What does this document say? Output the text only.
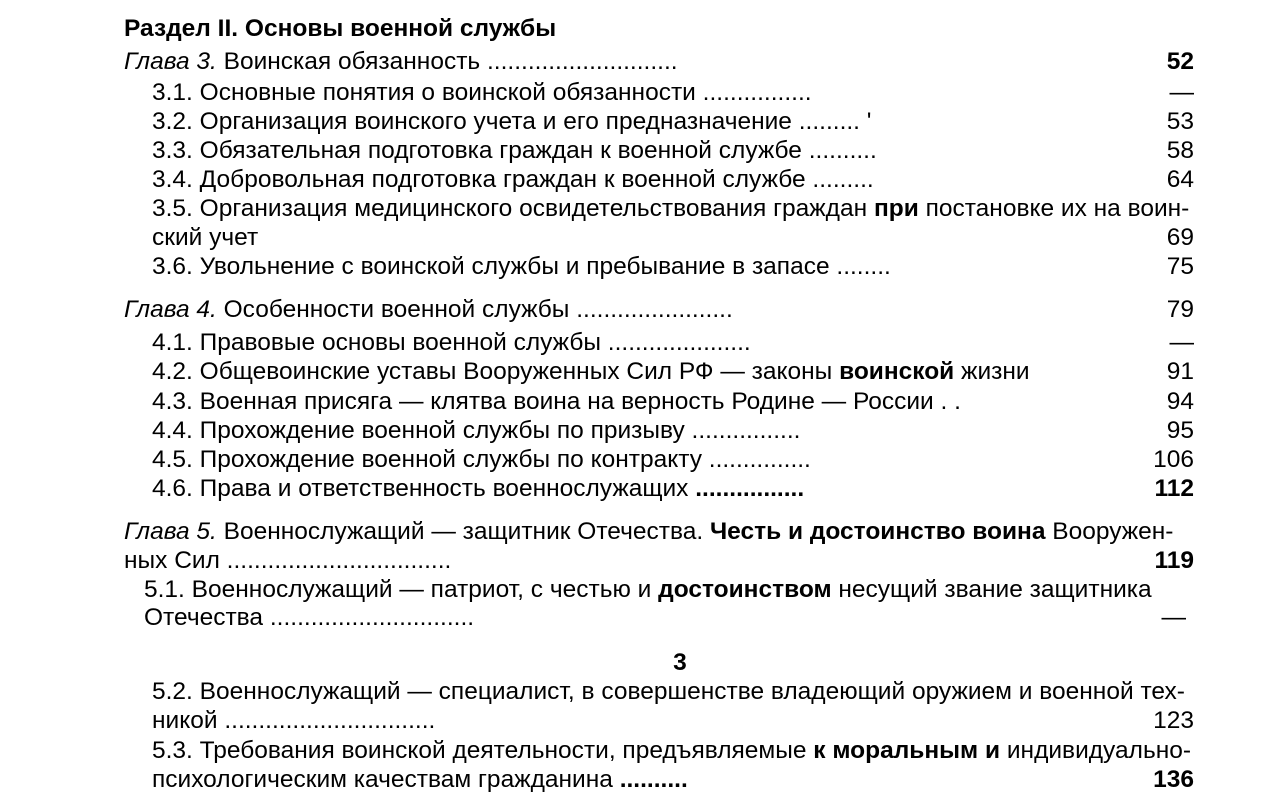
Раздел II. Основы военной службы
Глава 3. Воинская обязанность ............................	52
3.1. Основные понятия о воинской обязанности ................	—
3.2. Организация воинского учета и его предназначение ......... '	53
3.3. Обязательная подготовка граждан к военной службе ..........	58
3.4. Добровольная подготовка граждан к военной службе .........	64
3.5. Организация медицинского освидетельствования граждан при постановке их на воин-
ский учет	69
3.6. Увольнение с воинской службы и пребывание в запасе ........	75
Глава 4. Особенности военной службы .......................	79
4.1. Правовые основы военной службы .....................	—
4.2. Общевоинские уставы Вооруженных Сил РФ — законы воинской жизни	91
4.3. Военная присяга — клятва воина на верность Родине — России . .	94
4.4. Прохождение военной службы по призыву ................	95
4.5. Прохождение военной службы по контракту ...............	106
4.6. Права и ответственность военнослужащих ................	112
Глава 5. Военнослужащий — защитник Отечества. Честь и достоинство воина Вооружен-
ных Сил .................................	119
5.1. Военнослужащий — патриот, с честью и достоинством несущий звание защитника
Отечества ..............................	—
3
5.2. Военнослужащий — специалист, в совершенстве владеющий оружием и военной тех-
никой ...............................	123
5.3. Требования воинской деятельности, предъявляемые к моральным и индивидуально-
психологическим качествам гражданина ..........	136
